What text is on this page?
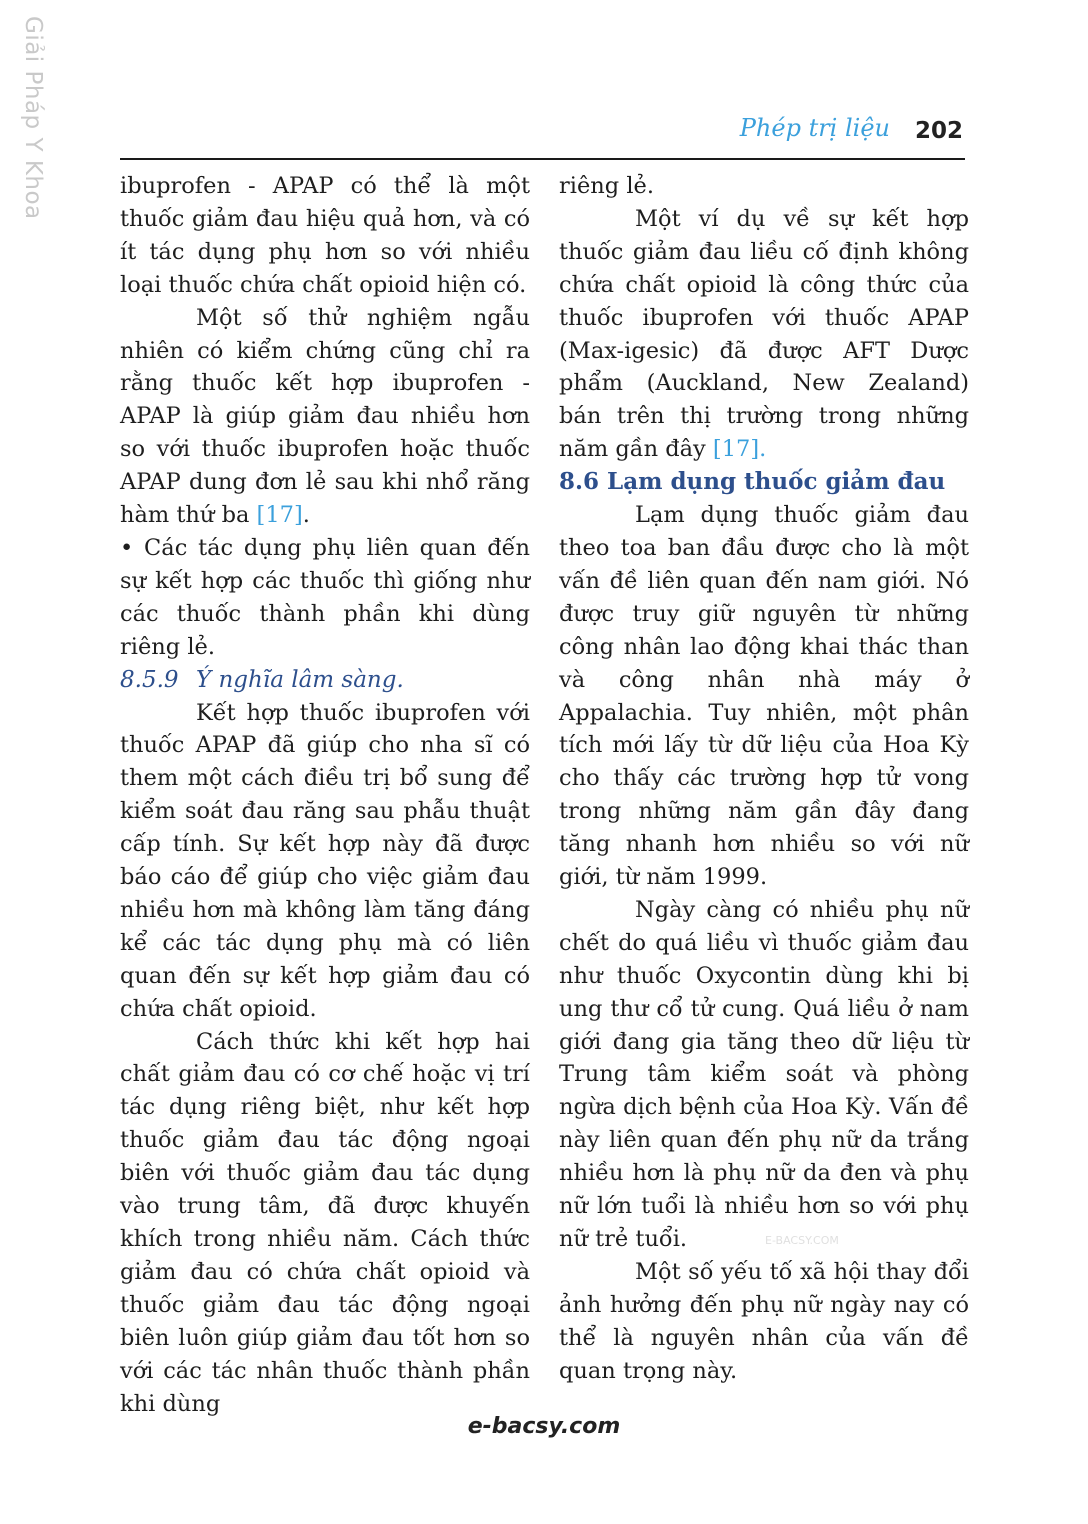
Giải Pháp Y Khoa	Phép trị liệu 202

ibuprofen - APAP có thể là một thuốc giảm đau hiệu quả hơn, và có ít tác dụng phụ hơn so với nhiều loại thuốc chứa chất opioid hiện có.

Một số thử nghiệm ngẫu nhiên có kiểm chứng cũng chỉ ra rằng thuốc kết hợp ibuprofen - APAP là giúp giảm đau nhiều hơn so với thuốc ibuprofen hoặc thuốc APAP dung đơn lẻ sau khi nhổ răng hàm thứ ba [17].

• Các tác dụng phụ liên quan đến sự kết hợp các thuốc thì giống như các thuốc thành phần khi dùng riêng lẻ.

8.5.9 Ý nghĩa lâm sàng.

Kết hợp thuốc ibuprofen với thuốc APAP đã giúp cho nha sĩ có them một cách điều trị bổ sung để kiểm soát đau răng sau phẫu thuật cấp tính. Sự kết hợp này đã được báo cáo để giúp cho việc giảm đau nhiều hơn mà không làm tăng đáng kể các tác dụng phụ mà có liên quan đến sự kết hợp giảm đau có chứa chất opioid.

Cách thức khi kết hợp hai chất giảm đau có cơ chế hoặc vị trí tác dụng riêng biệt, như kết hợp thuốc giảm đau tác động ngoại biên với thuốc giảm đau tác dụng vào trung tâm, đã được khuyến khích trong nhiều năm. Cách thức giảm đau có chứa chất opioid và thuốc giảm đau tác động ngoại biên luôn giúp giảm đau tốt hơn so với các tác nhân thuốc thành phần khi dùng

riêng lẻ.

Một ví dụ về sự kết hợp thuốc giảm đau liều cố định không chứa chất opioid là công thức của thuốc ibuprofen với thuốc APAP (Max-igesic) đã được AFT Dược phẩm (Auckland, New Zealand) bán trên thị trường trong những năm gần đây [17].

8.6 Lạm dụng thuốc giảm đau

Lạm dụng thuốc giảm đau theo toa ban đầu được cho là một vấn đề liên quan đến nam giới. Nó được truy giữ nguyên từ những công nhân lao động khai thác than và công nhân nhà máy ở Appalachia. Tuy nhiên, một phân tích mới lấy từ dữ liệu của Hoa Kỳ cho thấy các trường hợp tử vong trong những năm gần đây đang tăng nhanh hơn nhiều so với nữ giới, từ năm 1999.

Ngày càng có nhiều phụ nữ chết do quá liều vì thuốc giảm đau như thuốc Oxycontin dùng khi bị ung thư cổ tử cung. Quá liều ở nam giới đang gia tăng theo dữ liệu từ Trung tâm kiểm soát và phòng ngừa dịch bệnh của Hoa Kỳ. Vấn đề này liên quan đến phụ nữ da trắng nhiều hơn là phụ nữ da đen và phụ nữ lớn tuổi là nhiều hơn so với phụ nữ trẻ tuổi.

Một số yếu tố xã hội thay đổi ảnh hưởng đến phụ nữ ngày nay có thể là nguyên nhân của vấn đề quan trọng này.

E-BACSY.COM
e-bacsy.com
